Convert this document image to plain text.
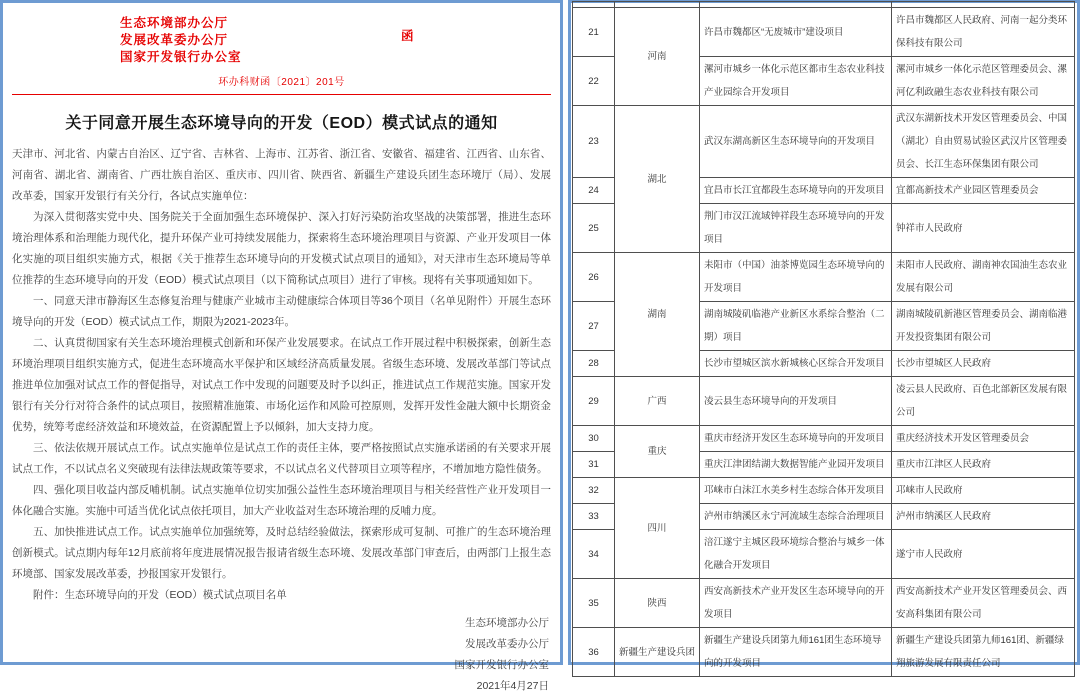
生态环境部办公厅
发展改革委办公厅
国家开发银行办公室
函
环办科财函〔2021〕201号
关于同意开展生态环境导向的开发（EOD）模式试点的通知

天津市、河北省、内蒙古自治区、辽宁省、吉林省、上海市、江苏省、浙江省、安徽省、福建省、江西省、山东省、河南省、湖北省、湖南省、广西壮族自治区、重庆市、四川省、陕西省、新疆生产建设兵团生态环境厅（局）、发展改革委，国家开发银行有关分行，各试点实施单位：

为深入贯彻落实党中央、国务院关于全面加强生态环境保护、深入打好污染防治攻坚战的决策部署，推进生态环境治理体系和治理能力现代化，提升环保产业可持续发展能力，探索将生态环境治理项目与资源、产业开发项目一体化实施的项目组织实施方式，根据《关于推荐生态环境导向的开发模式试点项目的通知》，对天津市生态环境局等单位推荐的生态环境导向的开发（EOD）模式试点项目（以下简称试点项目）进行了审核。现将有关事项通知如下。

一、同意天津市静海区生态修复治理与健康产业城市主动健康综合体项目等36个项目（名单见附件）开展生态环境导向的开发（EOD）模式试点工作，期限为2021-2023年。

二、认真贯彻国家有关生态环境治理模式创新和环保产业发展要求。在试点工作开展过程中积极探索，创新生态环境治理项目组织实施方式，促进生态环境高水平保护和区域经济高质量发展。省级生态环境、发展改革部门等试点推进单位加强对试点工作的督促指导，对试点工作中发现的问题要及时予以纠正，推进试点工作规范实施。国家开发银行有关分行对符合条件的试点项目，按照精准施策、市场化运作和风险可控原则，发挥开发性金融大额中长期资金优势，统筹考虑经济效益和环境效益，在资源配置上予以倾斜，加大支持力度。

三、依法依规开展试点工作。试点实施单位是试点工作的责任主体，要严格按照试点实施承诺函的有关要求开展试点工作，不以试点名义突破现有法律法规政策等要求，不以试点名义代替项目立项等程序，不增加地方隐性债务。

四、强化项目收益内部反哺机制。试点实施单位切实加强公益性生态环境治理项目与相关经营性产业开发项目一体化融合实施。实施中可适当优化试点依托项目，加大产业收益对生态环境治理的反哺力度。

五、加快推进试点工作。试点实施单位加强统筹，及时总结经验做法，探索形成可复制、可推广的生态环境治理创新模式。试点期内每年12月底前将年度进展情况报告报请省级生态环境、发展改革部门审查后，由两部门上报生态环境部、国家发展改革委，抄报国家开发银行。

附件：生态环境导向的开发（EOD）模式试点项目名单

生态环境部办公厅
发展改革委办公厅
国家开发银行办公室
2021年4月27日

21	河南	许昌市魏都区“无废城市”建设项目	许昌市魏都区人民政府、河南一起分类环保科技有限公司
22		漯河市城乡一体化示范区都市生态农业科技产业园综合开发项目	漯河市城乡一体化示范区管理委员会、漯河亿利政融生态农业科技有限公司
23	湖北	武汉东湖高新区生态环境导向的开发项目	武汉东湖新技术开发区管理委员会、中国（湖北）自由贸易试验区武汉片区管理委员会、长江生态环保集团有限公司
24		宜昌市长江宜都段生态环境导向的开发项目	宜都高新技术产业园区管理委员会
25		荆门市汉江流域钟祥段生态环境导向的开发项目	钟祥市人民政府
26	湖南	耒阳市（中国）油茶博览园生态环境导向的开发项目	耒阳市人民政府、湖南神农国油生态农业发展有限公司
27		湖南城陵矶临港产业新区水系综合整治（二期）项目	湖南城陵矶新港区管理委员会、湖南临港开发投资集团有限公司
28		长沙市望城区滨水新城核心区综合开发项目	长沙市望城区人民政府
29	广西	凌云县生态环境导向的开发项目	凌云县人民政府、百色北部新区发展有限公司
30	重庆	重庆市经济开发区生态环境导向的开发项目	重庆经济技术开发区管理委员会
31		重庆江津团结湖大数据智能产业园开发项目	重庆市江津区人民政府
32	四川	邛崃市白沫江水美乡村生态综合体开发项目	邛崃市人民政府
33		泸州市纳溪区永宁河流域生态综合治理项目	泸州市纳溪区人民政府
34		涪江遂宁主城区段环境综合整治与城乡一体化融合开发项目	遂宁市人民政府
35	陕西	西安高新技术产业开发区生态环境导向的开发项目	西安高新技术产业开发区管理委员会、西安高科集团有限公司
36	新疆生产建设兵团	新疆生产建设兵团第九师161团生态环境导向的开发项目	新疆生产建设兵团第九师161团、新疆绿翔旅游发展有限责任公司
